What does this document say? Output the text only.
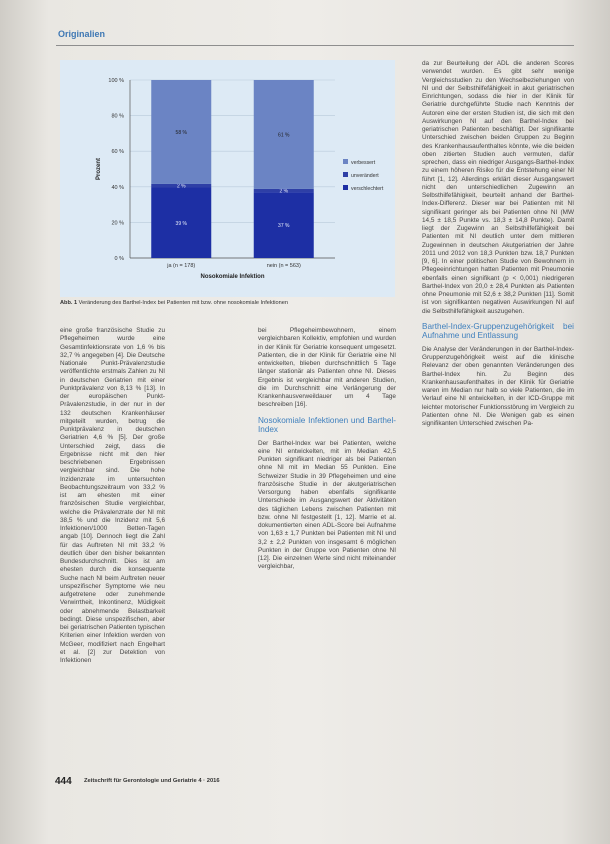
Originalien
0 %
20 %
40 %
60 %
80 %
100 %
39 %
2 %
58 %
ja (n = 178)
37 %
2 %
61 %
nein (n = 563)
Nosokomiale Infektion
Prozent	verbessert
unverändert
verschlechtert
Abb. 1 Veränderung des Barthel-Index bei Patienten mit bzw. ohne nosokomiale Infektionen

eine große französische Studie zu Pflegeheimen wurde eine Gesamtinfektionsrate von 1,6 % bis 32,7 % angegeben [4]. Die Deutsche Nationale Punkt-Prävalenzstudie veröffentlichte erstmals Zahlen zu NI in deutschen Geriatrien mit einer Punktprävalenz von 8,13 % [13]. In der europäischen Punkt-Prävalenzstudie, in der nur in der 132 deutschen Krankenhäuser mitgeteilt wurden, betrug die Punktprävalenz in deutschen Geriatrien 4,6 % [5]. Der große Unterschied zeigt, dass die Ergebnisse nicht mit den hier beschriebenen Ergebnissen vergleichbar sind. Die hohe Inzidenzrate im untersuchten Beobachtungszeitraum von 33,2 % ist am ehesten mit einer französischen Studie vergleichbar, welche die Prävalenzrate der NI mit 38,5 % und die Inzidenz mit 5,6 Infektionen/1000 Betten-Tagen angab [10]. Dennoch liegt die Zahl für das Auftreten NI mit 33,2 % deutlich über den bisher bekannten Bundesdurchschnitt. Dies ist am ehesten durch die konsequente Suche nach NI beim Auftreten neuer unspezifischer Symptome wie neu aufgetretene oder zunehmende Verwirrtheit, Inkontinenz, Müdigkeit oder abnehmende Belastbarkeit bedingt. Diese unspezifischen, aber bei geriatrischen Patienten typischen Kriterien einer Infektion werden von McGeer, modifiziert nach Engelhart et al. [2] zur Detektion von Infektionen

bei Pflegeheimbewohnern, einem vergleichbaren Kollektiv, empfohlen und wurden in der Klinik für Geriatrie konsequent umgesetzt. Patienten, die in der Klinik für Geriatrie eine NI entwickelten, blieben durchschnittlich 5 Tage länger stationär als Patienten ohne NI. Dieses Ergebnis ist vergleichbar mit anderen Studien, die im Durchschnitt eine Verlängerung der Krankenhausverweildauer um 4 Tage beschreiben [16].

Nosokomiale Infektionen und Barthel-Index

Der Barthel-Index war bei Patienten, welche eine NI entwickelten, mit im Median 42,5 Punkten signifikant niedriger als bei Patienten ohne NI mit im Median 55 Punkten. Eine Schweizer Studie in 39 Pflegeheimen und eine französische Studie in der akutgeriatrischen Versorgung haben ebenfalls signifikante Unterschiede im Ausgangswert der Aktivitäten des täglichen Lebens zwischen Patienten mit bzw. ohne NI festgestellt [1, 12]. Marrie et al. dokumentierten einen ADL-Score bei Aufnahme von 1,63 ± 1,7 Punkten bei Patienten mit NI und 3,2 ± 2,2 Punkten von insgesamt 6 möglichen Punkten in der Gruppe von Patienten ohne NI [12]. Die einzelnen Werte sind nicht miteinander vergleichbar,

da zur Beurteilung der ADL die anderen Scores verwendet wurden. Es gibt sehr wenige Vergleichsstudien zu den Wechselbeziehungen von NI und der Selbsthilfefähigkeit in akut geriatrischen Einrichtungen, sodass die hier in der Klinik für Geriatrie durchgeführte Studie nach Kenntnis der Autoren eine der ersten Studien ist, die sich mit den Auswirkungen NI auf den Barthel-Index bei geriatrischen Patienten beschäftigt. Der signifikante Unterschied zwischen beiden Gruppen zu Beginn des Krankenhausaufenthaltes könnte, wie die beiden oben zitierten Studien auch vermuten, dafür sprechen, dass ein niedriger Ausgangs-Barthel-Index zu einem höheren Risiko für die Entstehung einer NI führt [1, 12]. Allerdings erklärt dieser Ausgangswert nicht den unterschiedlichen Zugewinn an Selbsthilfefähigkeit, beurteilt anhand der Barthel-Index-Differenz. Dieser war bei Patienten mit NI signifikant geringer als bei Patienten ohne NI (MW 14,5 ± 18,5 Punkte vs. 18,3 ± 14,8 Punkte). Damit liegt der Zugewinn an Selbsthilfefähigkeit bei Patienten mit NI deutlich unter dem mittleren Zugewinnen in deutschen Akutgeriatrien der Jahre 2011 und 2012 von 18,3 Punkten bzw. 18,7 Punkten [9, 6]. In einer politischen Studie von Bewohnern in Pflegeeinrichtungen hatten Patienten mit Pneumonie ebenfalls einen signifikant (p < 0,001) niedrigeren Barthel-Index von 20,0 ± 28,4 Punkten als Patienten ohne Pneumonie mit 52,6 ± 38,2 Punkten [11]. Somit ist von signifikanten negativen Auswirkungen NI auf die Selbsthilfefähigkeit auszugehen.

Barthel-Index-Gruppenzugehörigkeit bei Aufnahme und Entlassung

Die Analyse der Veränderungen in der Barthel-Index-Gruppenzugehörigkeit weist auf die klinische Relevanz der oben genannten Veränderungen des Barthel-Index hin. Zu Beginn des Krankenhausaufenthaltes in der Klinik für Geriatrie waren im Median nur halb so viele Patienten, die im Verlauf eine NI entwickelten, in der ICD-Gruppe mit leichter motorischer Funktionsstörung im Vergleich zu Patienten ohne NI. Die Wenigen gab es einen signifikanten Unterschied zwischen Pa-

444 Zeitschrift für Gerontologie und Geriatrie 4 · 2016
